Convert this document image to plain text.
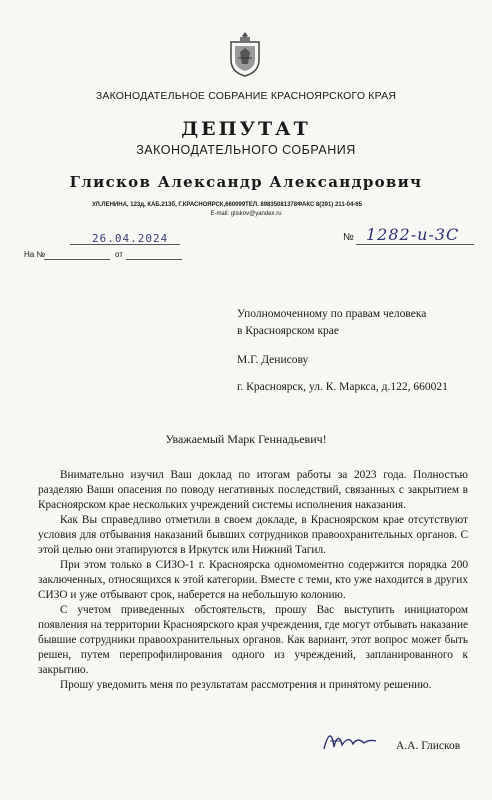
ЗАКОНОДАТЕЛЬНОЕ СОБРАНИЕ КРАСНОЯРСКОГО КРАЯ
ДЕПУТАТ
ЗАКОНОДАТЕЛЬНОГО СОБРАНИЯ
Глисков Александр Александрович
УЛ.ЛЕНИНА, 123д, КАБ.213б, Г.КРАСНОЯРСК,660099ТЕЛ. 89835081378ФАКС 8(391) 211-04-65
E-mail: gliskov@yandex.ru
26.04.2024	1282-и-3С
№
На №	от
Уполномоченному по правам человека
в Красноярском крае
М.Г. Денисову
г. Красноярск, ул. К. Маркса, д.122, 660021
Уважаемый Марк Геннадьевич!

Внимательно изучил Ваш доклад по итогам работы за 2023 года. Полностью разделяю Ваши опасения по поводу негативных последствий, связанных с закрытием в Красноярском крае нескольких учреждений системы исполнения наказания.

Как Вы справедливо отметили в своем докладе, в Красноярском крае отсутствуют условия для отбывания наказаний бывших сотрудников правоохранительных органов. С этой целью они этапируются в Иркутск или Нижний Тагил.

При этом только в СИЗО-1 г. Красноярска одномоментно содержится порядка 200 заключенных, относящихся к этой категории. Вместе с теми, кто уже находится в других СИЗО и уже отбывают срок, наберется на небольшую колонию.

С учетом приведенных обстоятельств, прошу Вас выступить инициатором появления на территории Красноярского края учреждения, где могут отбывать наказание бывшие сотрудники правоохранительных органов. Как вариант, этот вопрос может быть решен, путем перепрофилирования одного из учреждений, запланированного к закрытию.

Прошу уведомить меня по результатам рассмотрения и принятому решению.

А.А. Глисков
